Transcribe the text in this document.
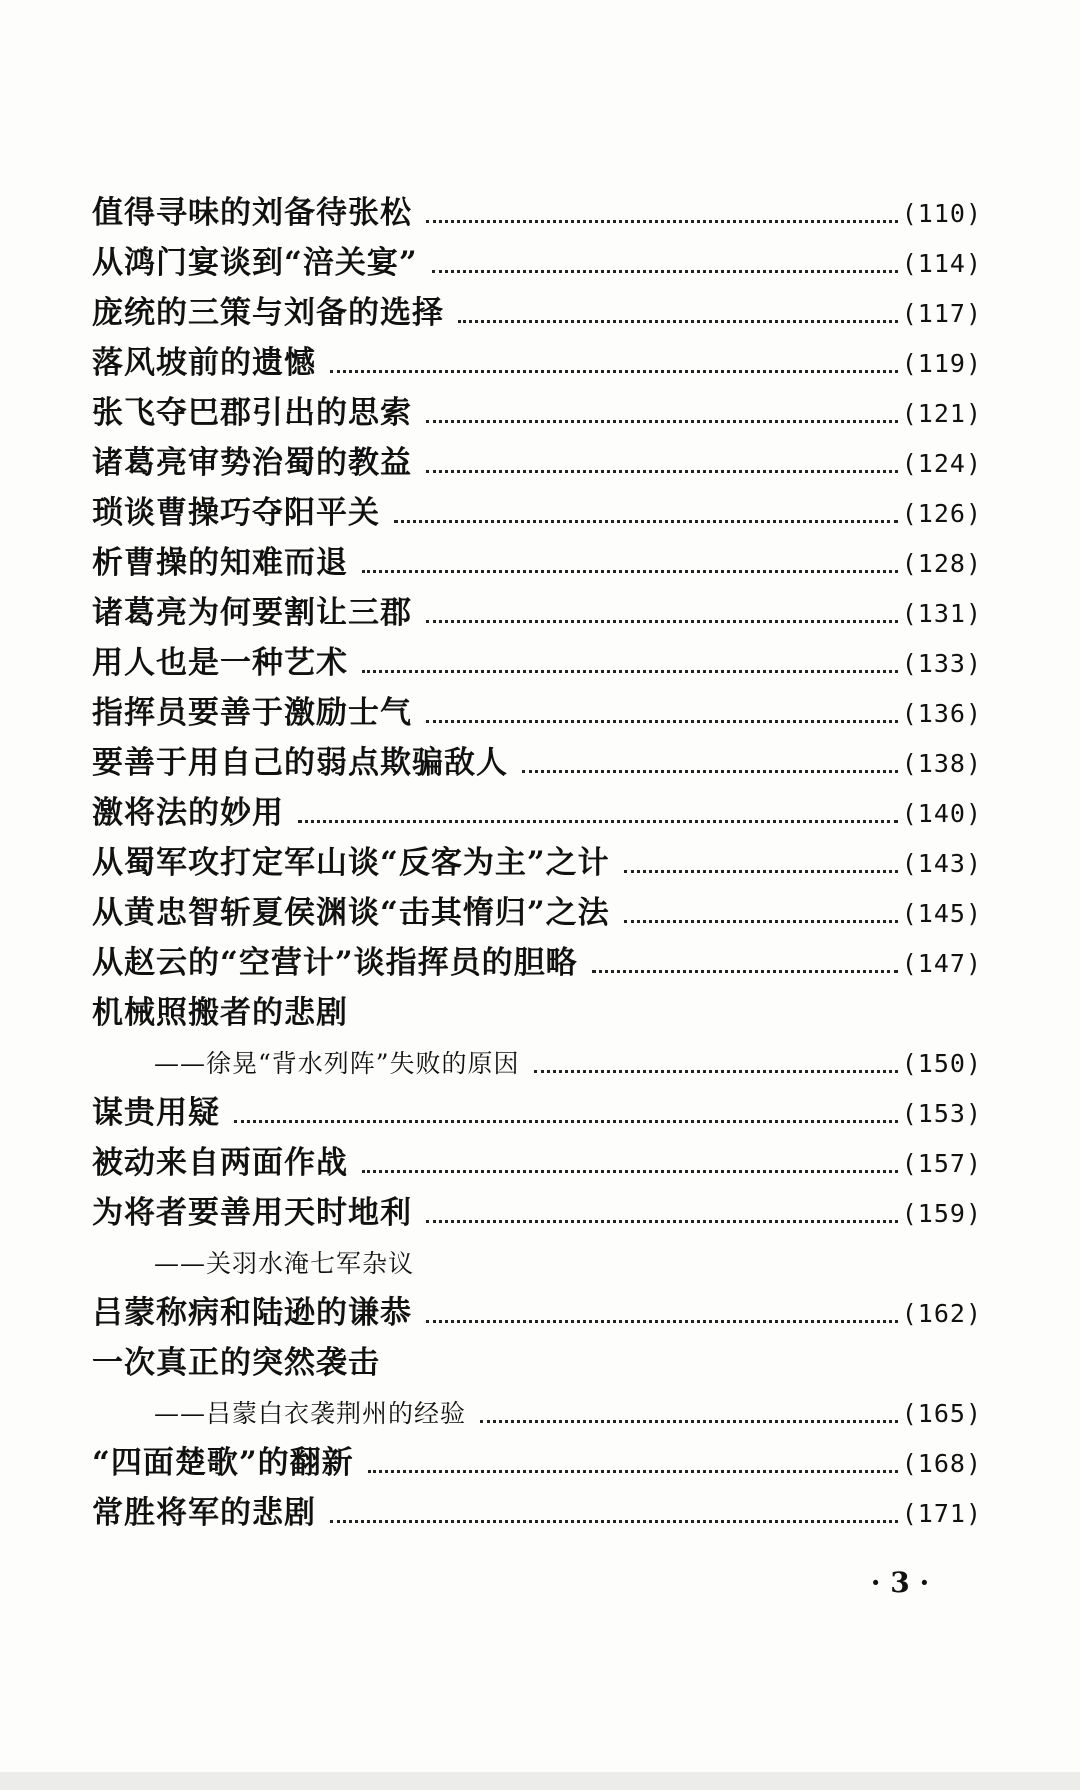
值得寻味的刘备待张松	(110)
从鸿门宴谈到“涪关宴”	(114)
庞统的三策与刘备的选择	(117)
落风坡前的遗憾	(119)
张飞夺巴郡引出的思索	(121)
诸葛亮审势治蜀的教益	(124)
琐谈曹操巧夺阳平关	(126)
析曹操的知难而退	(128)
诸葛亮为何要割让三郡	(131)
用人也是一种艺术	(133)
指挥员要善于激励士气	(136)
要善于用自己的弱点欺骗敌人	(138)
激将法的妙用	(140)
从蜀军攻打定军山谈“反客为主”之计	(143)
从黄忠智斩夏侯渊谈“击其惰归”之法	(145)
从赵云的“空营计”谈指挥员的胆略	(147)
机械照搬者的悲剧
——徐晃“背水列阵”失败的原因	(150)
谋贵用疑	(153)
被动来自两面作战	(157)
为将者要善用天时地利	(159)
——关羽水淹七军杂议
吕蒙称病和陆逊的谦恭	(162)
一次真正的突然袭击
——吕蒙白衣袭荆州的经验	(165)
“四面楚歌”的翻新	(168)
常胜将军的悲剧	(171)
· 3 ·
